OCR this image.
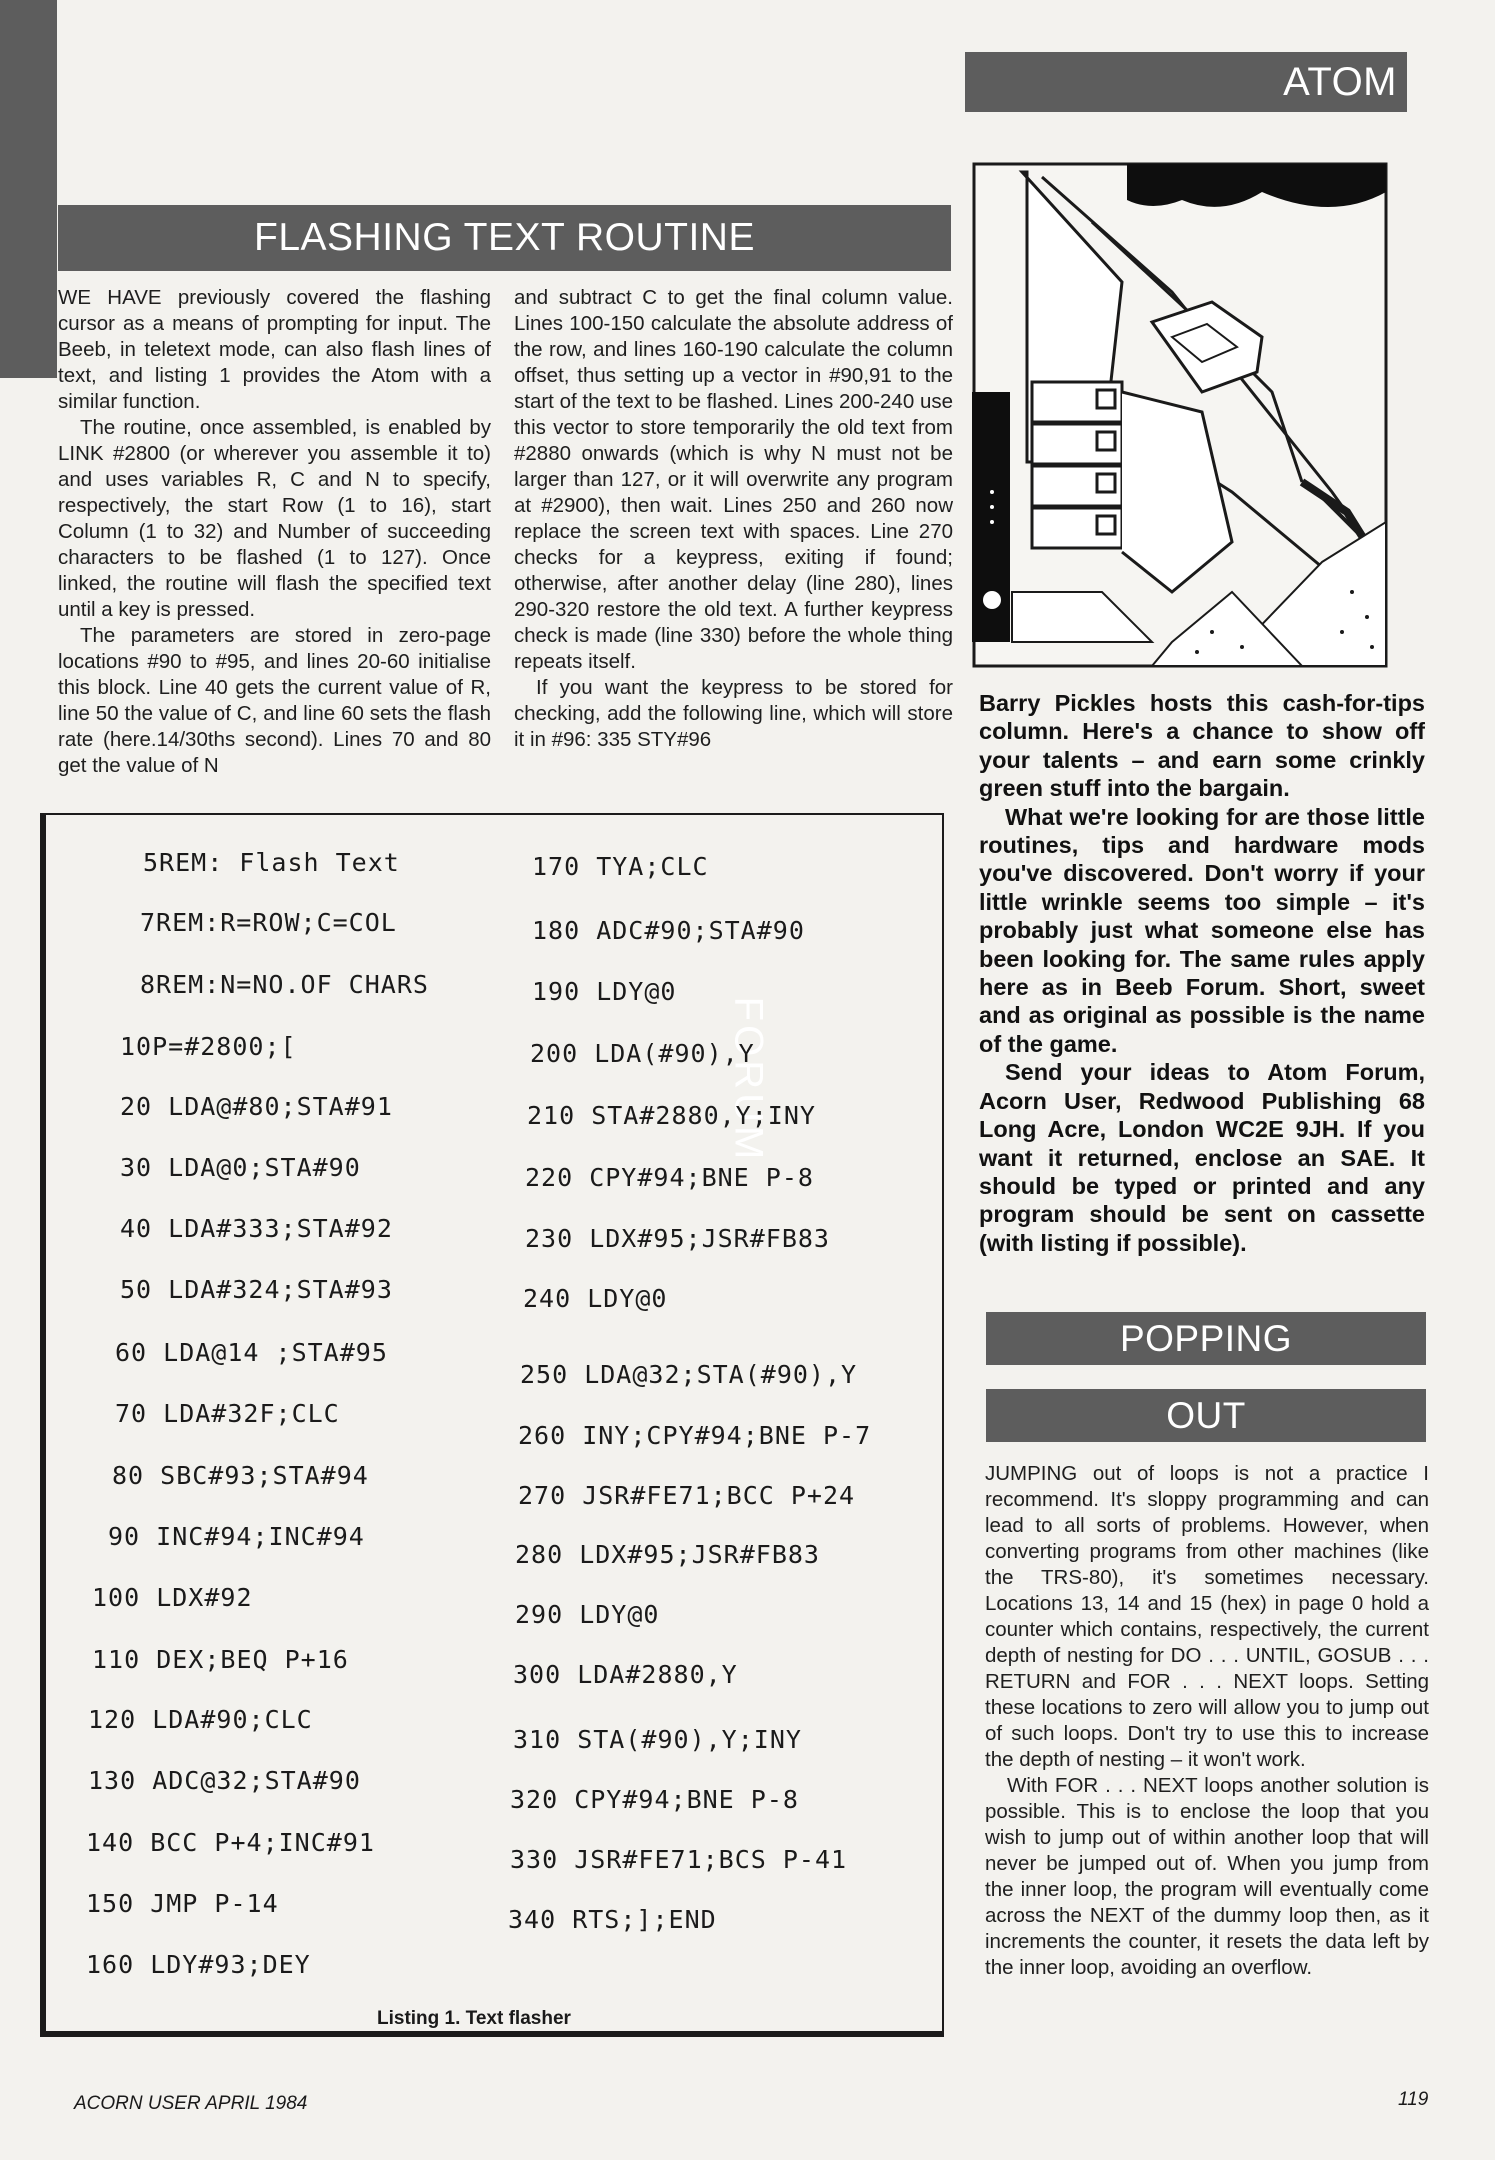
ATOM
FORUM
FLASHING TEXT ROUTINE

WE HAVE previously covered the flashing cursor as a means of prompting for input. The Beeb, in teletext mode, can also flash lines of text, and listing 1 provides the Atom with a similar function.

The routine, once assembled, is enabled by LINK #2800 (or wherever you assemble it to) and uses variables R, C and N to specify, respectively, the start Row (1 to 16), start Column (1 to 32) and Number of succeeding characters to be flashed (1 to 127). Once linked, the routine will flash the specified text until a key is pressed.

The parameters are stored in zero-page locations #90 to #95, and lines 20-60 initialise this block. Line 40 gets the current value of R, line 50 the value of C, and line 60 sets the flash rate (here.14/30ths second). Lines 70 and 80 get the value of N

and subtract C to get the final column value. Lines 100-150 calculate the absolute address of the row, and lines 160-190 calculate the column offset, thus setting up a vector in #90,91 to the start of the text to be flashed. Lines 200-240 use this vector to store temporarily the old text from #2880 onwards (which is why N must not be larger than 127, or it will overwrite any program at #2900), then wait. Lines 250 and 260 now replace the screen text with spaces. Line 270 checks for a keypress, exiting if found; otherwise, after another delay (line 280), lines 290-320 restore the old text. A further keypress check is made (line 330) before the whole thing repeats itself.

If you want the keypress to be stored for checking, add the following line, which will store it in #96: 335 STY#96

Barry Pickles hosts this cash-for-tips column. Here's a chance to show off your talents – and earn some crinkly green stuff into the bargain.

What we're looking for are those little routines, tips and hardware mods you've discovered. Don't worry if your little wrinkle seems too simple – it's probably just what someone else has been looking for. The same rules apply here as in Beeb Forum. Short, sweet and as original as possible is the name of the game.

Send your ideas to Atom Forum, Acorn User, Redwood Publishing 68 Long Acre, London WC2E 9JH. If you want it returned, enclose an SAE. It should be typed or printed and any program should be sent on cassette (with listing if possible).

POPPING
OUT

JUMPING out of loops is not a practice I recommend. It's sloppy programming and can lead to all sorts of problems. However, when converting programs from other machines (like the TRS-80), it's sometimes necessary. Locations 13, 14 and 15 (hex) in page 0 hold a counter which contains, respectively, the current depth of nesting for DO . . . UNTIL, GOSUB . . . RETURN and FOR . . . NEXT loops. Setting these locations to zero will allow you to jump out of such loops. Don't try to use this to increase the depth of nesting – it won't work.

With FOR . . . NEXT loops another solution is possible. This is to enclose the loop that you wish to jump out of within another loop that will never be jumped out of. When you jump from the inner loop, the program will eventually come across the NEXT of the dummy loop then, as it increments the counter, it resets the data left by the inner loop, avoiding an overflow.

5REM: Flash Text
7REM:R=ROW;C=COL
8REM:N=NO.OF CHARS
10P=#2800;[
20 LDA@#80;STA#91
30 LDA@0;STA#90
40 LDA#333;STA#92
50 LDA#324;STA#93
60 LDA@14 ;STA#95
70 LDA#32F;CLC
80 SBC#93;STA#94
90 INC#94;INC#94
100 LDX#92
110 DEX;BEQ P+16
120 LDA#90;CLC
130 ADC@32;STA#90
140 BCC P+4;INC#91
150 JMP P-14
160 LDY#93;DEY
170 TYA;CLC
180 ADC#90;STA#90
190 LDY@0
200 LDA(#90),Y
210 STA#2880,Y;INY
220 CPY#94;BNE P-8
230 LDX#95;JSR#FB83
240 LDY@0
250 LDA@32;STA(#90),Y
260 INY;CPY#94;BNE P-7
270 JSR#FE71;BCC P+24
280 LDX#95;JSR#FB83
290 LDY@0
300 LDA#2880,Y
310 STA(#90),Y;INY
320 CPY#94;BNE P-8
330 JSR#FE71;BCS P-41
340 RTS;];END
Listing 1. Text flasher
ACORN USER APRIL 1984	119
